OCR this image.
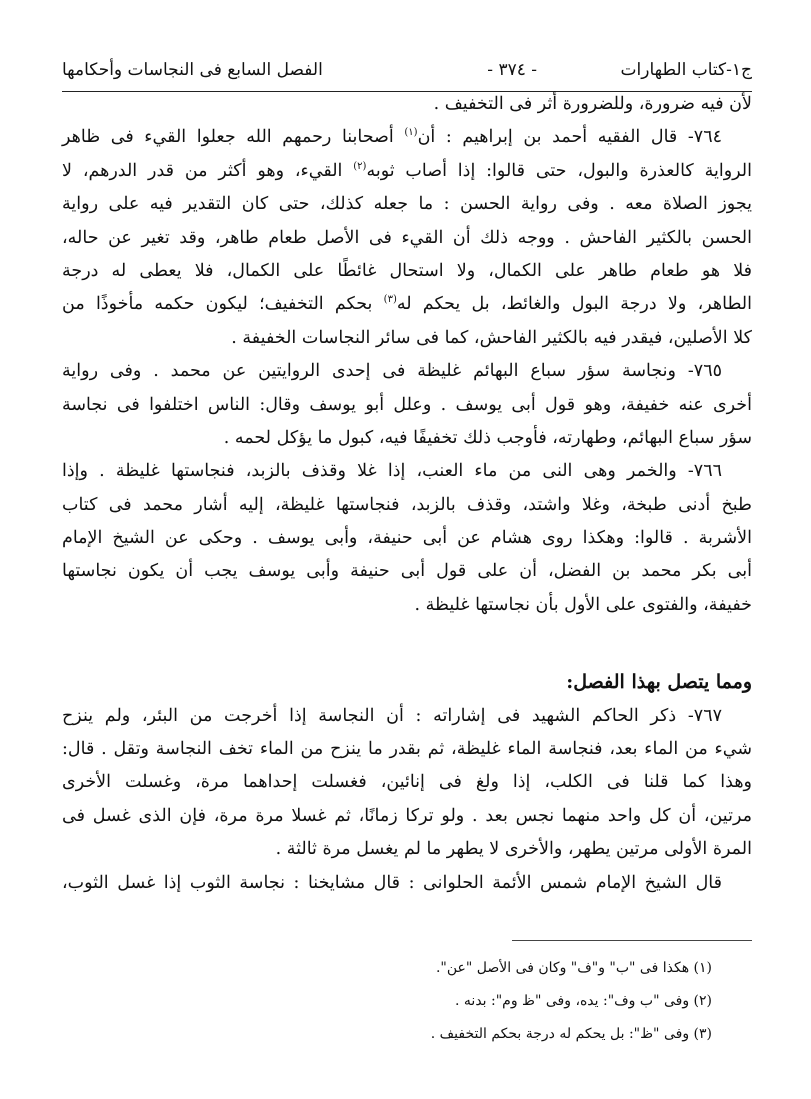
ج١-كتاب الطهارات
- ٣٧٤ -
الفصل السابع فى النجاسات وأحكامها
لأن فيه ضرورة، وللضرورة أثر فى التخفيف .
٧٦٤- قال الفقيه أحمد بن إبراهيم : أن$^{(١)}$ أصحابنا رحمهم الله جعلوا القيء فى ظاهر
الرواية كالعذرة والبول، حتى قالوا: إذا أصاب ثوبه$^{(٢)}$ القيء، وهو أكثر من قدر الدرهم، لا
يجوز الصلاة معه . وفى رواية الحسن : ما جعله كذلك، حتى كان التقدير فيه على رواية
الحسن بالكثير الفاحش . ووجه ذلك أن القيء فى الأصل طعام طاهر، وقد تغير عن حاله،
فلا هو طعام طاهر على الكمال، ولا استحال غائطًا على الكمال، فلا يعطى له درجة
الطاهر، ولا درجة البول والغائط، بل يحكم له$^{(٣)}$ بحكم التخفيف؛ ليكون حكمه مأخوذًا من
كلا الأصلين، فيقدر فيه بالكثير الفاحش، كما فى سائر النجاسات الخفيفة .
٧٦٥- ونجاسة سؤر سباع البهائم غليظة فى إحدى الروايتين عن محمد . وفى رواية
أخرى عنه خفيفة، وهو قول أبى يوسف . وعلل أبو يوسف وقال: الناس اختلفوا فى نجاسة
سؤر سباع البهائم، وطهارته، فأوجب ذلك تخفيفًا فيه، كبول ما يؤكل لحمه .
٧٦٦- والخمر وهى النى من ماء العنب، إذا غلا وقذف بالزبد، فنجاستها غليظة . وإذا
طبخ أدنى طبخة، وغلا واشتد، وقذف بالزبد، فنجاستها غليظة، إليه أشار محمد فى كتاب
الأشربة . قالوا: وهكذا روى هشام عن أبى حنيفة، وأبى يوسف . وحكى عن الشيخ الإمام
أبى بكر محمد بن الفضل، أن على قول أبى حنيفة وأبى يوسف يجب أن يكون نجاستها
خفيفة، والفتوى على الأول بأن نجاستها غليظة .
ومما يتصل بهذا الفصل:
٧٦٧- ذكر الحاكم الشهيد فى إشاراته : أن النجاسة إذا أخرجت من البئر، ولم ينزح
شيء من الماء بعد، فنجاسة الماء غليظة، ثم بقدر ما ينزح من الماء تخف النجاسة وتقل . قال:
وهذا كما قلنا فى الكلب، إذا ولغ فى إنائين، فغسلت إحداهما مرة، وغسلت الأخرى
مرتين، أن كل واحد منهما نجس بعد . ولو تركا زمانًا، ثم غسلا مرة مرة، فإن الذى غسل فى
المرة الأولى مرتين يطهر، والأخرى لا يطهر ما لم يغسل مرة ثالثة .
قال الشيخ الإمام شمس الأئمة الحلوانى : قال مشايخنا : نجاسة الثوب إذا غسل الثوب،
(١) هكذا فى "ب" و"ف" وكان فى الأصل "عن".
(٢) وفى "ب وف": يده، وفى "ظ وم": بدنه .
(٣) وفى "ظ": بل يحكم له درجة بحكم التخفيف .
